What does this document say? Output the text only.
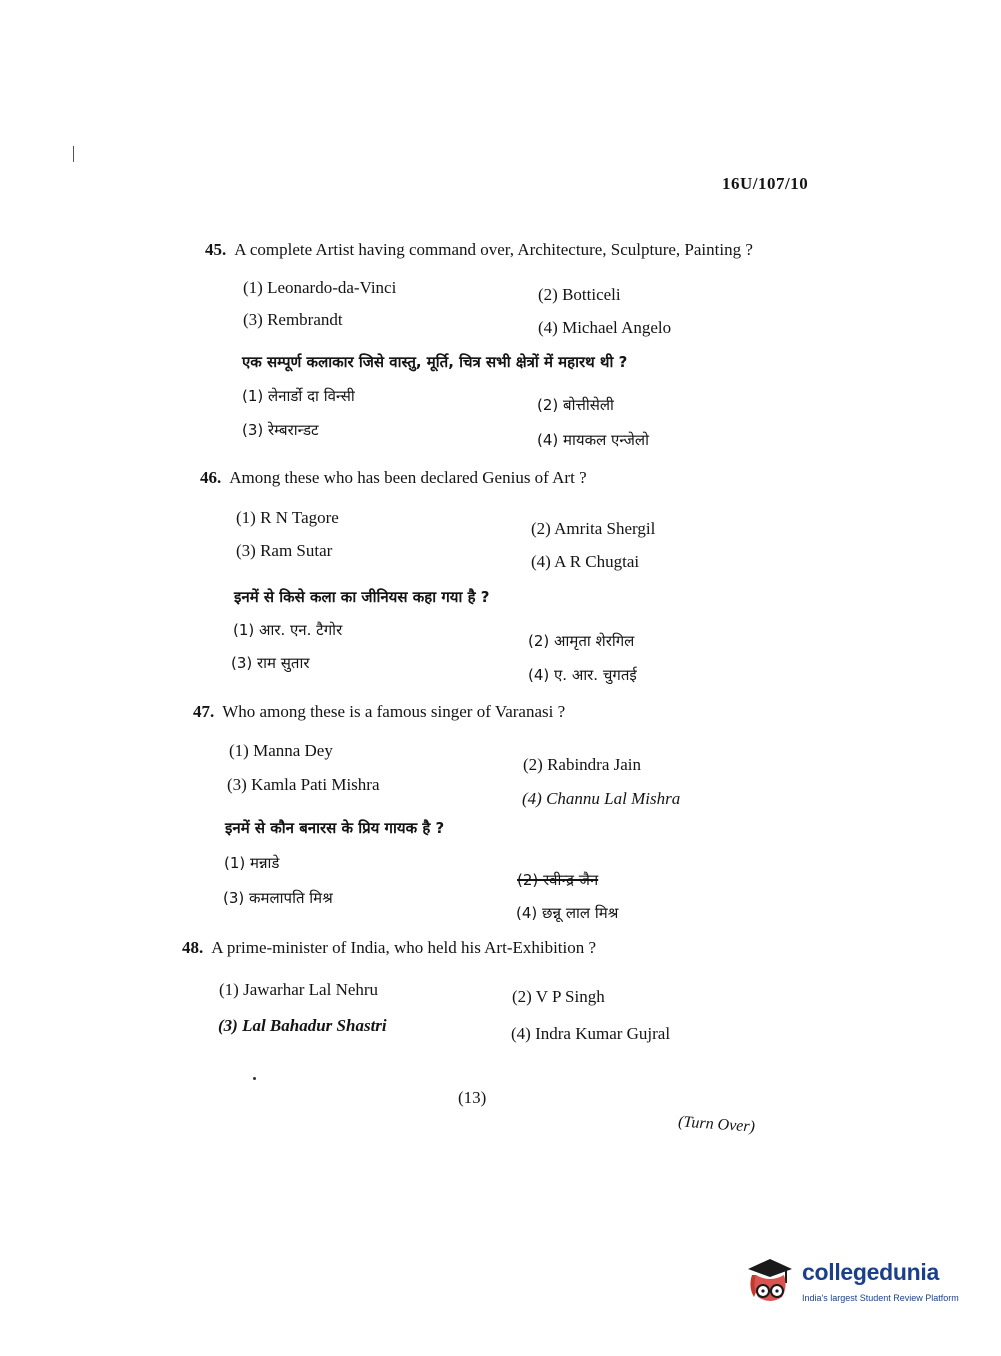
16U/107/10
45. A complete Artist having command over, Architecture, Sculpture, Painting ?
(1) Leonardo-da-Vinci	(2) Botticeli
(3) Rembrandt	(4) Michael Angelo
एक सम्पूर्ण कलाकार जिसे वास्तु, मूर्ति, चित्र सभी क्षेत्रों में महारथ थी ?
(1) लेनार्डो दा विन्सी	(2) बोत्तीसेली
(3) रेम्बरान्डट
(4) मायकल एन्जेलो
46. Among these who has been declared Genius of Art ?
(1) R N Tagore
(2) Amrita Shergil
(3) Ram Sutar
(4) A R Chugtai
इनमें से किसे कला का जीनियस कहा गया है ?
(1) आर. एन. टैगोर
(2) आमृता शेरगिल
(3) राम सुतार
(4) ए. आर. चुगतई
47. Who among these is a famous singer of Varanasi ?
(1) Manna Dey
(2) Rabindra Jain
(3) Kamla Pati Mishra
(4) Channu Lal Mishra
इनमें से कौन बनारस के प्रिय गायक है ?
(1) मन्नाडे
(2) रवीन्द्र जैन
(3) कमलापति मिश्र
(4) छन्नू लाल मिश्र
48. A prime-minister of India, who held his Art-Exhibition ?
(1) Jawarhar Lal Nehru	(2) V P Singh
(3) Lal Bahadur Shastri	(4) Indra Kumar Gujral
(13)
(Turn Over)
collegedunia
India's largest Student Review Platform
